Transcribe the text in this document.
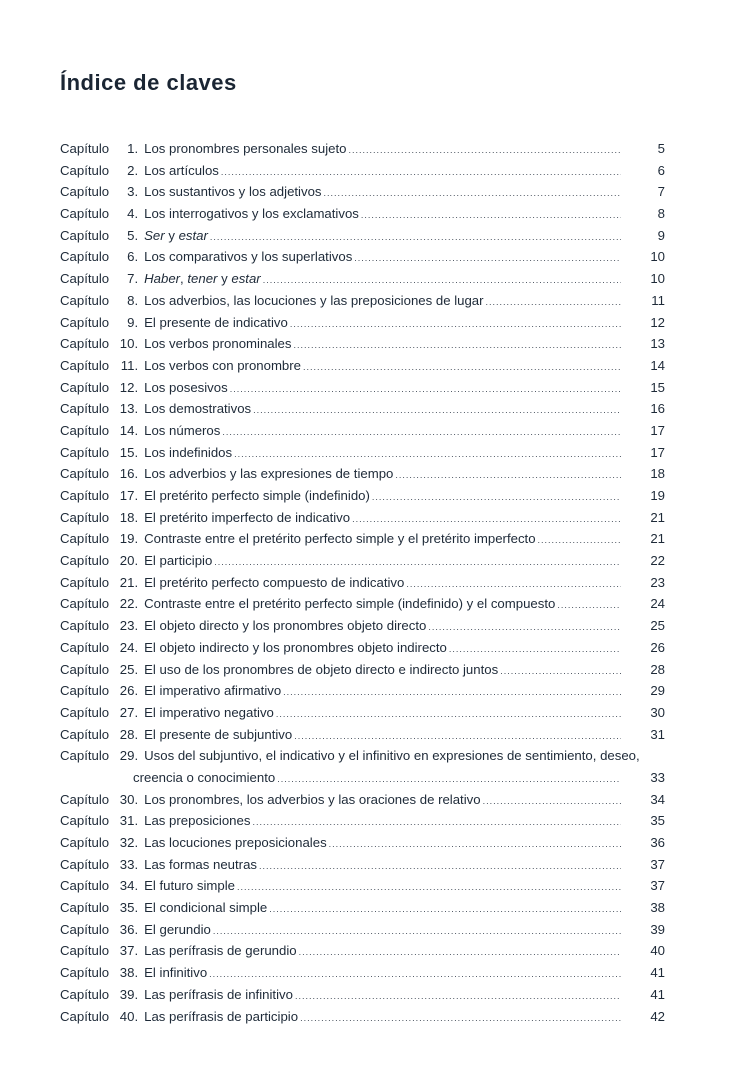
Índice de claves
Capítulo	1. Los pronombres personales sujeto .....	5
Capítulo	2. Los artículos .....	6
Capítulo	3. Los sustantivos y los adjetivos .....	7
Capítulo	4. Los interrogativos y los exclamativos .....	8
Capítulo	5. Ser y estar .....	9
Capítulo	6. Los comparativos y los superlativos .....	10
Capítulo	7. Haber, tener y estar .....	10
Capítulo	8. Los adverbios, las locuciones y las preposiciones de lugar .....	11
Capítulo	9. El presente de indicativo .....	12
Capítulo 10. Los verbos pronominales .....	13
Capítulo 11. Los verbos con pronombre .....	14
Capítulo 12. Los posesivos .....	15
Capítulo 13. Los demostrativos .....	16
Capítulo 14. Los números .....	17
Capítulo 15. Los indefinidos .....	17
Capítulo 16. Los adverbios y las expresiones de tiempo .....	18
Capítulo 17. El pretérito perfecto simple (indefinido) .....	19
Capítulo 18. El pretérito imperfecto de indicativo .....	21
Capítulo 19. Contraste entre el pretérito perfecto simple y el pretérito imperfecto .....	21
Capítulo 20. El participio .....	22
Capítulo 21. El pretérito perfecto compuesto de indicativo .....	23
Capítulo 22. Contraste entre el pretérito perfecto simple (indefinido) y el compuesto .....	24
Capítulo 23. El objeto directo y los pronombres objeto directo .....	25
Capítulo 24. El objeto indirecto y los pronombres objeto indirecto .....	26
Capítulo 25. El uso de los pronombres de objeto directo e indirecto juntos .....	28
Capítulo 26. El imperativo afirmativo .....	29
Capítulo 27. El imperativo negativo .....	30
Capítulo 28. El presente de subjuntivo .....	31
Capítulo 29. Usos del subjuntivo, el indicativo y el infinitivo en expresiones de sentimiento, deseo,
creencia o conocimiento .....	33
Capítulo 30. Los pronombres, los adverbios y las oraciones de relativo .....	34
Capítulo 31. Las preposiciones .....	35
Capítulo 32. Las locuciones preposicionales .....	36
Capítulo 33. Las formas neutras .....	37
Capítulo 34. El futuro simple .....	37
Capítulo 35. El condicional simple .....	38
Capítulo 36. El gerundio .....	39
Capítulo 37. Las perífrasis de gerundio .....	40
Capítulo 38. El infinitivo .....	41
Capítulo 39. Las perífrasis de infinitivo .....	41
Capítulo 40. Las perífrasis de participio .....	42
